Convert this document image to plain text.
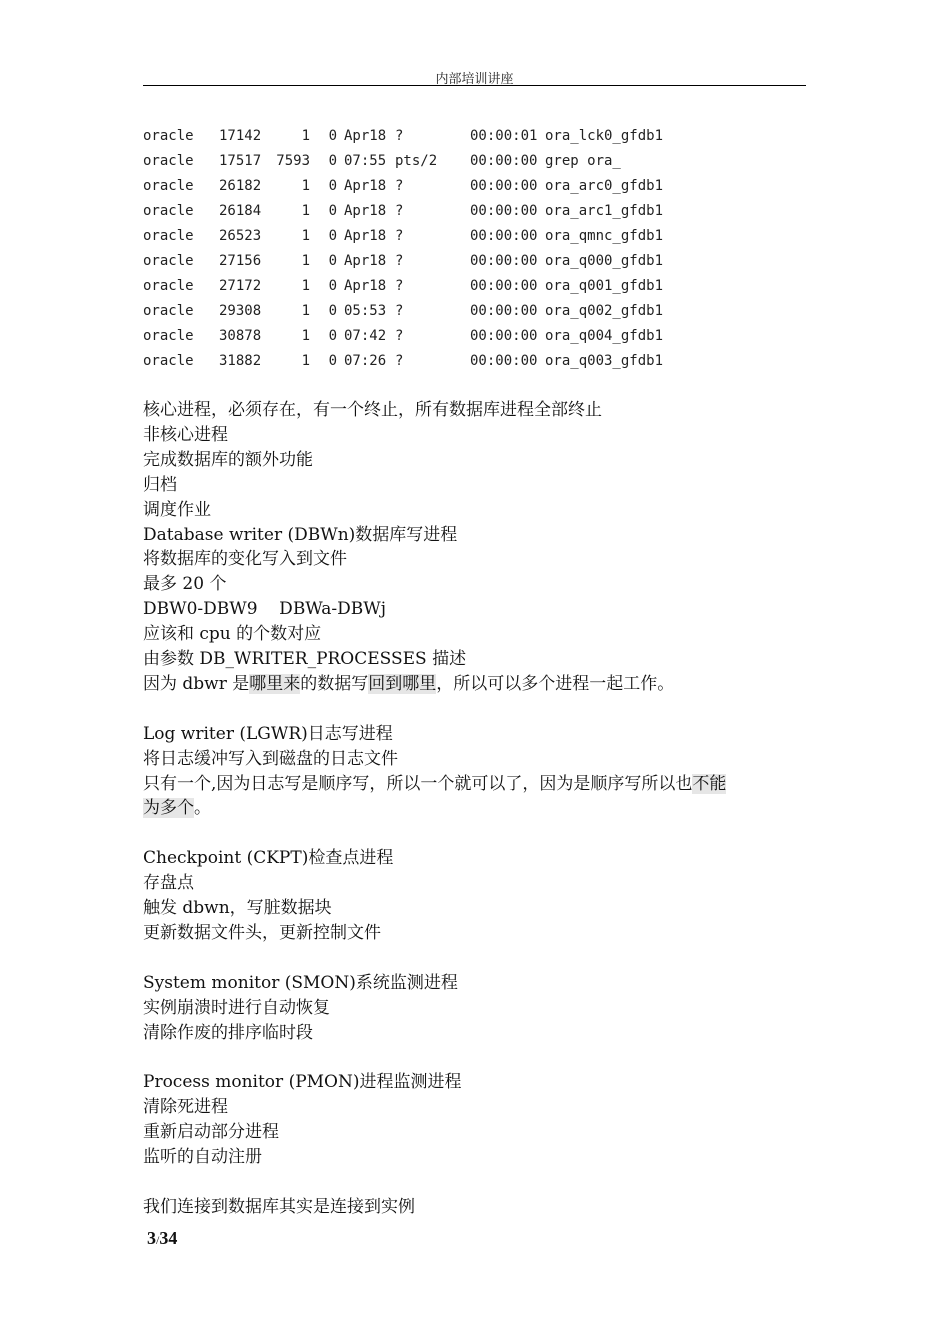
内部培训讲座
oracle 17142	1	0 Apr18 ?	00:00:01 ora_lck0_gfdb1
oracle 17517	7593	0 07:55 pts/2 00:00:00 grep ora_
oracle 26182	1	0 Apr18 ?	00:00:00 ora_arc0_gfdb1
oracle 26184	1	0 Apr18 ?	00:00:00 ora_arc1_gfdb1
oracle 26523	1	0 Apr18 ?	00:00:00 ora_qmnc_gfdb1
oracle 27156	1	0 Apr18 ?	00:00:00 ora_q000_gfdb1
oracle 27172	1	0 Apr18 ?	00:00:00 ora_q001_gfdb1
oracle 29308	1	0 05:53 ?	00:00:00 ora_q002_gfdb1
oracle 30878	1	0 07:42 ?	00:00:00 ora_q004_gfdb1
oracle 31882	1	0 07:26 ?	00:00:00 ora_q003_gfdb1
核心进程，必须存在，有一个终止，所有数据库进程全部终止
非核心进程
完成数据库的额外功能
归档
调度作业
Database writer (DBWn)数据库写进程
将数据库的变化写入到文件
最多 20 个
DBW0-DBW9    DBWa-DBWj
应该和 cpu 的个数对应
由参数 DB_WRITER_PROCESSES 描述
因为 dbwr 是哪里来的数据写回到哪里，所以可以多个进程一起工作。
Log writer (LGWR)日志写进程
将日志缓冲写入到磁盘的日志文件
只有一个,因为日志写是顺序写，所以一个就可以了，因为是顺序写所以也不能
为多个。
Checkpoint (CKPT)检查点进程
存盘点
触发 dbwn，写脏数据块
更新数据文件头，更新控制文件
System monitor (SMON)系统监测进程
实例崩溃时进行自动恢复
清除作废的排序临时段
Process monitor (PMON)进程监测进程
清除死进程
重新启动部分进程
监听的自动注册
我们连接到数据库其实是连接到实例
3/34
